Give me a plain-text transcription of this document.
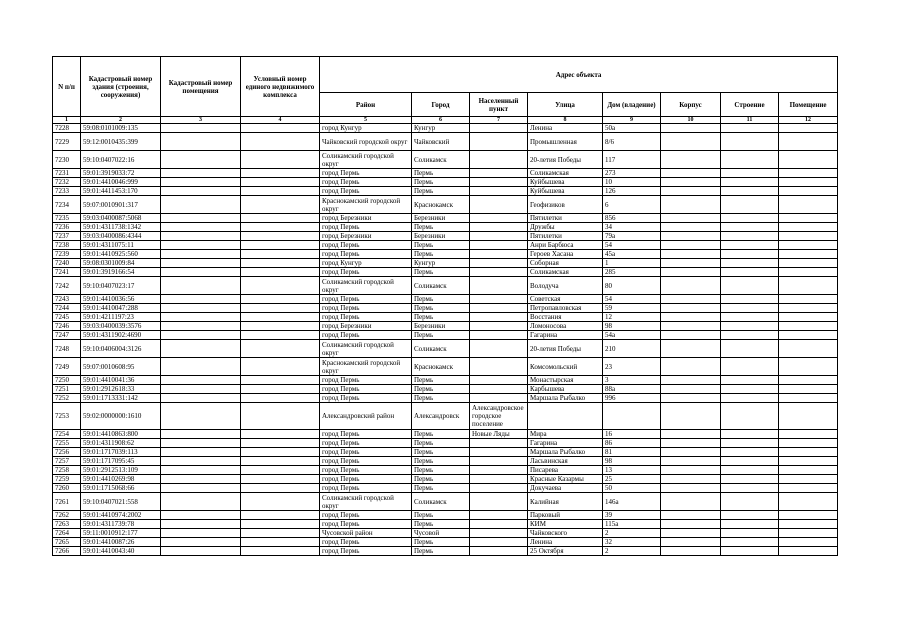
N п/п	Кадастровый номер здания (строения, сооружения)	Кадастровый номер помещения	Условный номер единого недвижимого комплекса	Адрес объекта							
				Район	Город	Населенный пункт	Улица	Дом (владение)	Корпус	Строение	Помещение
1	2	3	4	5	6	7	8	9	10	11	12
7228	59:08:0101009:135			город Кунгур	Кунгур		Ленина	50а			
7229	59:12:0010435:399			Чайковский городской округ	Чайковский		Промышленная	8/6			
7230	59:10:0407022:16			Соликамский городской округ	Соликамск		20-летия Победы	117			
7231	59:01:3919033:72			город Пермь	Пермь		Соликамская	273			
7232	59:01:4410046:999			город Пермь	Пермь		Куйбышева	10			
7233	59:01:4411453:170			город Пермь	Пермь		Куйбышева	126			
7234	59:07:0010901:317			Краснокамский городской округ	Краснокамск		Геофизиков	6			
7235	59:03:0400087:5068			город Березники	Березники		Пятилетки	856			
7236	59:01:4311738:1342			город Пермь	Пермь		Дружбы	34			
7237	59:03:0400086:4344			город Березники	Березники		Пятилетки	79а			
7238	59:01:4311075:11			город Пермь	Пермь		Анри Барбюса	54			
7239	59:01:4410925:560			город Пермь	Пермь		Героев Хасана	45а			
7240	59:08:0301009:84			город Кунгур	Кунгур		Соборная	1			
7241	59:01:3919166:54			город Пермь	Пермь		Соликамская	285			
7242	59:10:0407023:17			Соликамский городской округ	Соликамск		Володуча	80			
7243	59:01:4410036:56			город Пермь	Пермь		Советская	54			
7244	59:01:4410047:288			город Пермь	Пермь		Петропавловская	59			
7245	59:01:4211197:23			город Пермь	Пермь		Восстания	12			
7246	59:03:0400039:3576			город Березники	Березники		Ломоносова	98			
7247	59:01:4311902:4690			город Пермь	Пермь		Гагарина	54а			
7248	59:10:0406004:3126			Соликамский городской округ	Соликамск		20-летия Победы	210			
7249	59:07:0010608:95			Краснокамский городской округ	Краснокамск		Комсомольский	23			
7250	59:01:4410041:36			город Пермь	Пермь		Монастырская	3			
7251	59:01:2912618:33			город Пермь	Пермь		Карбышева	88а			
7252	59:01:1713331:142			город Пермь	Пермь		Маршала Рыбалко	996			
7253	59:02:0000000:1610			Александровский район	Александровск	Александровское городское поселение					
7254	59:01:4410863:800			город Пермь	Пермь	Новые Ляды	Мира	16			
7255	59:01:4311908:62			город Пермь	Пермь		Гагарина	86			
7256	59:01:1717039:113			город Пермь	Пермь		Маршала Рыбалко	81			
7257	59:01:1717095:45			город Пермь	Пермь		Ласьвинская	98			
7258	59:01:2912513:109			город Пермь	Пермь		Писарева	13			
7259	59:01:4410269:98			город Пермь	Пермь		Красные Казармы	25			
7260	59:01:1715068:66			город Пермь	Пермь		Докучаева	50			
7261	59:10:0407021:558			Соликамский городской округ	Соликамск		Калийная	146а			
7262	59:01:4410974:2002			город Пермь	Пермь		Парковый	39			
7263	59:01:4311739:78			город Пермь	Пермь		КИМ	115а			
7264	59:11:0010912:177			Чусовской район	Чусовой		Чайковского	2			
7265	59:01:4410087:26			город Пермь	Пермь		Ленина	32			
7266	59:01:4410043:40			город Пермь	Пермь		25 Октября	2			
